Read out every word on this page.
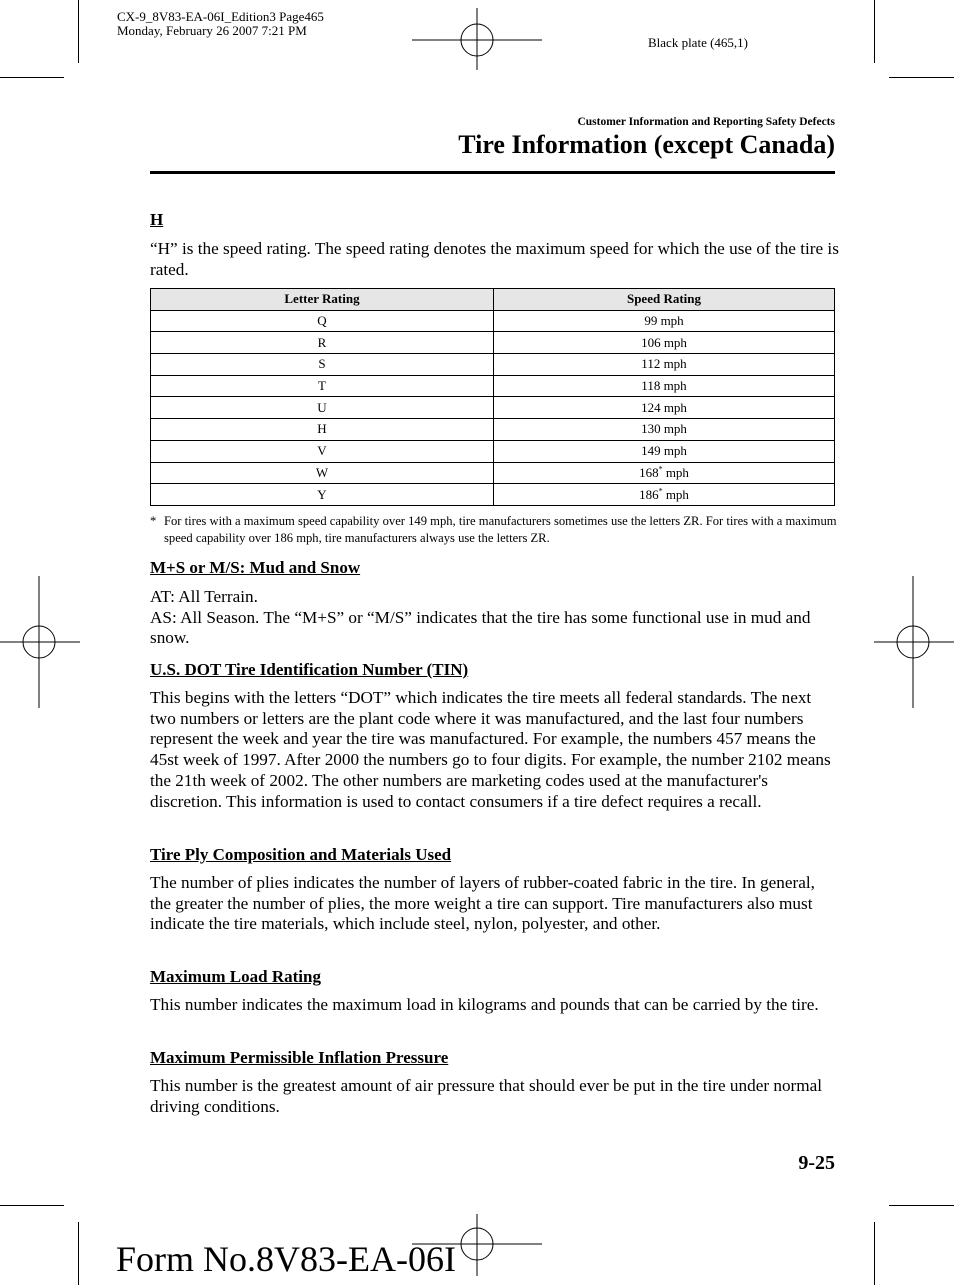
CX-9_8V83-EA-06I_Edition3 Page465
Monday, February 26 2007 7:21 PM
Black plate (465,1)
Customer Information and Reporting Safety Defects
Tire Information (except Canada)
H
“H” is the speed rating. The speed rating denotes the maximum speed for which the use of the tire is rated.
Letter Rating	Speed Rating
Q	99 mph
R	106 mph
S	112 mph
T	118 mph
U	124 mph
H	130 mph
V	149 mph
W	168* mph
Y	186* mph
* For tires with a maximum speed capability over 149 mph, tire manufacturers sometimes use the letters ZR. For tires with a maximum speed capability over 186 mph, tire manufacturers always use the letters ZR.
M+S or M/S: Mud and Snow
AT: All Terrain.
AS: All Season. The “M+S” or “M/S” indicates that the tire has some functional use in mud and snow.
U.S. DOT Tire Identification Number (TIN)
This begins with the letters “DOT” which indicates the tire meets all federal standards. The next two numbers or letters are the plant code where it was manufactured, and the last four numbers represent the week and year the tire was manufactured. For example, the numbers 457 means the 45st week of 1997. After 2000 the numbers go to four digits. For example, the number 2102 means the 21th week of 2002. The other numbers are marketing codes used at the manufacturer's discretion. This information is used to contact consumers if a tire defect requires a recall.
Tire Ply Composition and Materials Used
The number of plies indicates the number of layers of rubber-coated fabric in the tire. In general, the greater the number of plies, the more weight a tire can support. Tire manufacturers also must indicate the tire materials, which include steel, nylon, polyester, and other.
Maximum Load Rating
This number indicates the maximum load in kilograms and pounds that can be carried by the tire.
Maximum Permissible Inflation Pressure
This number is the greatest amount of air pressure that should ever be put in the tire under normal driving conditions.
9-25
Form No.8V83-EA-06I
